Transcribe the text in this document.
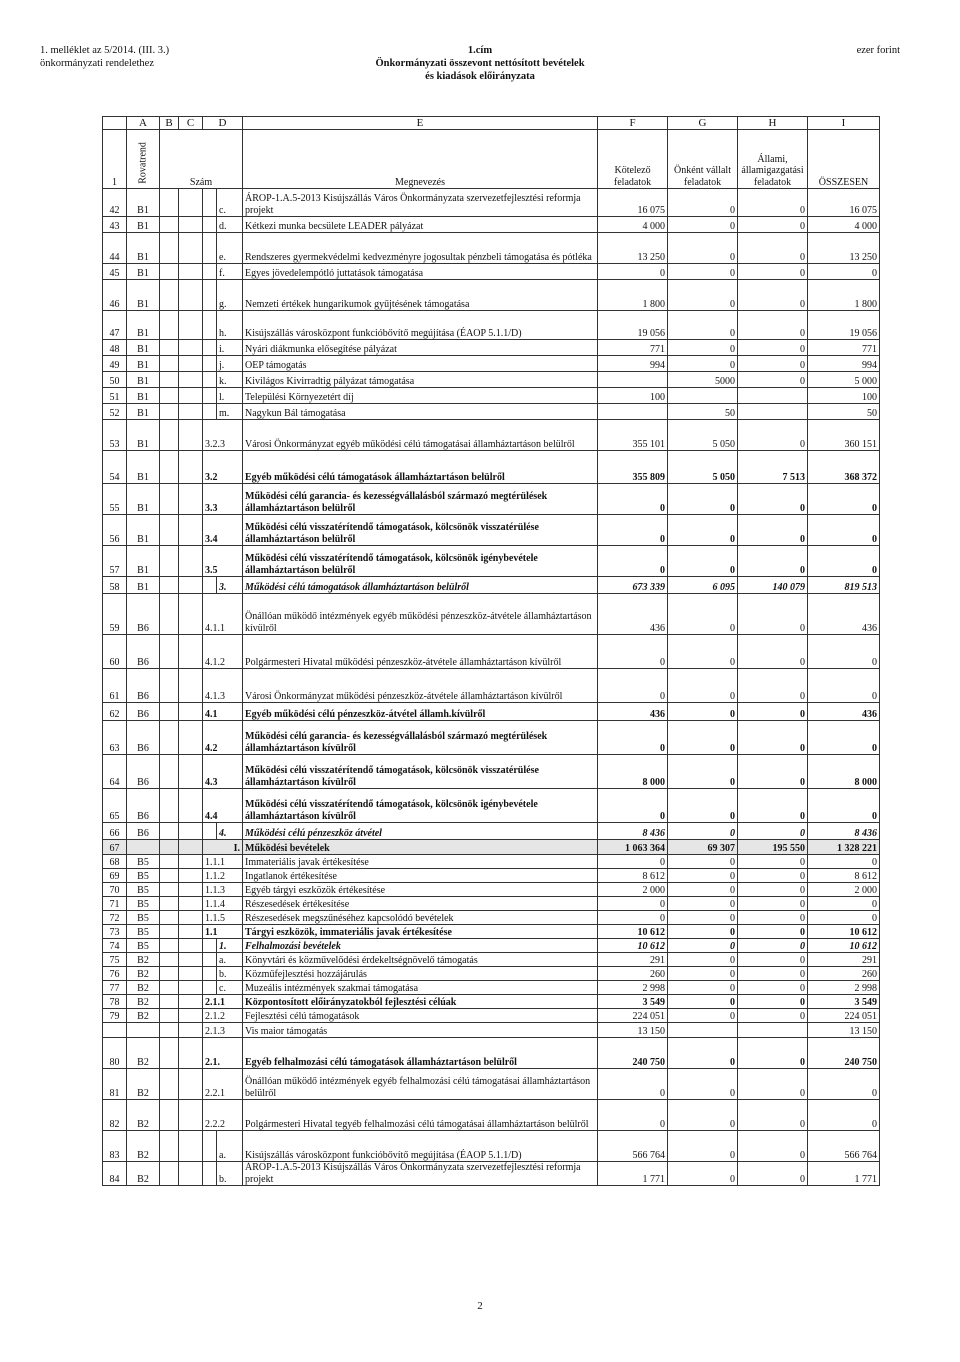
1. melléklet az 5/2014. (III. 3.)
önkormányzati rendelethez
1.cím
Önkormányzati összevont nettósított bevételek
és kiadások előirányzata
ezer forint
	A	B	C	D		E	F	G	H	I
1	Rovatrend	Szám				Megnevezés	Kötelező feladatok	Önként vállalt feladatok	Állami, államigazgatási feladatok	ÖSSZESEN
42	B1				c.	ÁROP-1.A.5-2013 Kisújszállás Város Önkormányzata szervezetfejlesztési reformja projekt	16 075	0	0	16 075
43	B1				d.	Kétkezi munka becsülete LEADER pályázat	4 000	0	0	4 000
44	B1				e.	Rendszeres gyermekvédelmi kedvezményre jogosultak pénzbeli támogatása és pótléka	13 250	0	0	13 250
45	B1				f.	Egyes jövedelempótló juttatások támogatása	0	0	0	0
46	B1				g.	Nemzeti értékek hungarikumok gyűjtésének támogatása	1 800	0	0	1 800
47	B1				h.	Kisújszállás városközpont funkcióbővítő megújítása (ÉAOP 5.1.1/D)	19 056	0	0	19 056
48	B1				i.	Nyári diákmunka elősegítése pályázat	771	0	0	771
49	B1				j.	OEP támogatás	994	0	0	994
50	B1				k.	Kivilágos Kivirradtig pályázat támogatása		5000	0	5 000
51	B1				l.	Települési Környezetért díj	100			100
52	B1				m.	Nagykun Bál támogatása		50		50
53	B1			3.2.3		Városi Önkormányzat egyéb működési célú támogatásai államháztartáson belülről	355 101	5 050	0	360 151
54	B1			3.2		Egyéb működési célú támogatások államháztartáson belülről	355 809	5 050	7 513	368 372
55	B1			3.3		Működési célú garancia- és kezességvállalásból származó megtérülések államháztartáson belülről	0	0	0	0
56	B1			3.4		Működési célú visszatérítendő támogatások, kölcsönök visszatérülése államháztartáson belülről	0	0	0	0
57	B1			3.5		Működési célú visszatérítendő támogatások, kölcsönök igénybevétele államháztartáson belülről	0	0	0	0
58	B1				3.	Működési célú támogatások államháztartáson belülről	673 339	6 095	140 079	819 513
59	B6			4.1.1		Önállóan működő intézmények egyéb működési pénzeszköz-átvétele államháztartáson kívülről	436	0	0	436
60	B6			4.1.2		Polgármesteri Hivatal működési pénzeszköz-átvétele államháztartáson kívülről	0	0	0	0
61	B6			4.1.3		Városi Önkormányzat működési pénzeszköz-átvétele államháztartáson kívülről	0	0	0	0
62	B6			4.1		Egyéb működési célú pénzeszköz-átvétel államh.kívülről	436	0	0	436
63	B6			4.2		Működési célú garancia- és kezességvállalásból származó megtérülések államháztartáson kívülről	0	0	0	0
64	B6			4.3		Működési célú visszatérítendő támogatások, kölcsönök visszatérülése államháztartáson kívülről	8 000	0	0	8 000
65	B6			4.4		Működési célú visszatérítendő támogatások, kölcsönök igénybevétele államháztartáson kívülről	0	0	0	0
66	B6				4.	Működési célú pénzeszköz átvétel	8 436	0	0	8 436
67				I.		Működési bevételek	1 063 364	69 307	195 550	1 328 221
68	B5			1.1.1		Immateriális javak értékesítése	0	0	0	0
69	B5			1.1.2		Ingatlanok értékesítése	8 612	0	0	8 612
70	B5			1.1.3		Egyéb tárgyi eszközök értékesítése	2 000	0	0	2 000
71	B5			1.1.4		Részesedések értékesítése	0	0	0	0
72	B5			1.1.5		Részesedések megszűnéséhez kapcsolódó bevételek	0	0	0	0
73	B5			1.1		Tárgyi eszközök, immateriális javak értékesítése	10 612	0	0	10 612
74	B5				1.	Felhalmozási bevételek	10 612	0	0	10 612
75	B2				a.	Könyvtári és közművelődési érdekeltségnövelő támogatás	291	0	0	291
76	B2				b.	Közműfejlesztési hozzájárulás	260	0	0	260
77	B2				c.	Muzeális intézmények szakmai támogatása	2 998	0	0	2 998
78	B2			2.1.1		Központosított előirányzatokból fejlesztési célúak	3 549	0	0	3 549
79	B2			2.1.2		Fejlesztési célú támogatások	224 051	0	0	224 051
				2.1.3		Vis maior támogatás	13 150			13 150
80	B2			2.1.		Egyéb felhalmozási célú támogatások államháztartáson belülről	240 750	0	0	240 750
81	B2			2.2.1		Önállóan működő intézmények egyéb felhalmozási célú támogatásai államháztartáson belülről	0	0	0	0
82	B2			2.2.2		Polgármesteri Hivatal tegyéb felhalmozási célú támogatásai államháztartáson belülről	0	0	0	0
83	B2				a.	Kisújszállás városközpont funkcióbővítő megújítása (ÉAOP 5.1.1/D)	566 764	0	0	566 764
84	B2				b.	ÁROP-1.A.5-2013 Kisújszállás Város Önkormányzata szervezetfejlesztési reformja projekt	1 771	0	0	1 771
2
